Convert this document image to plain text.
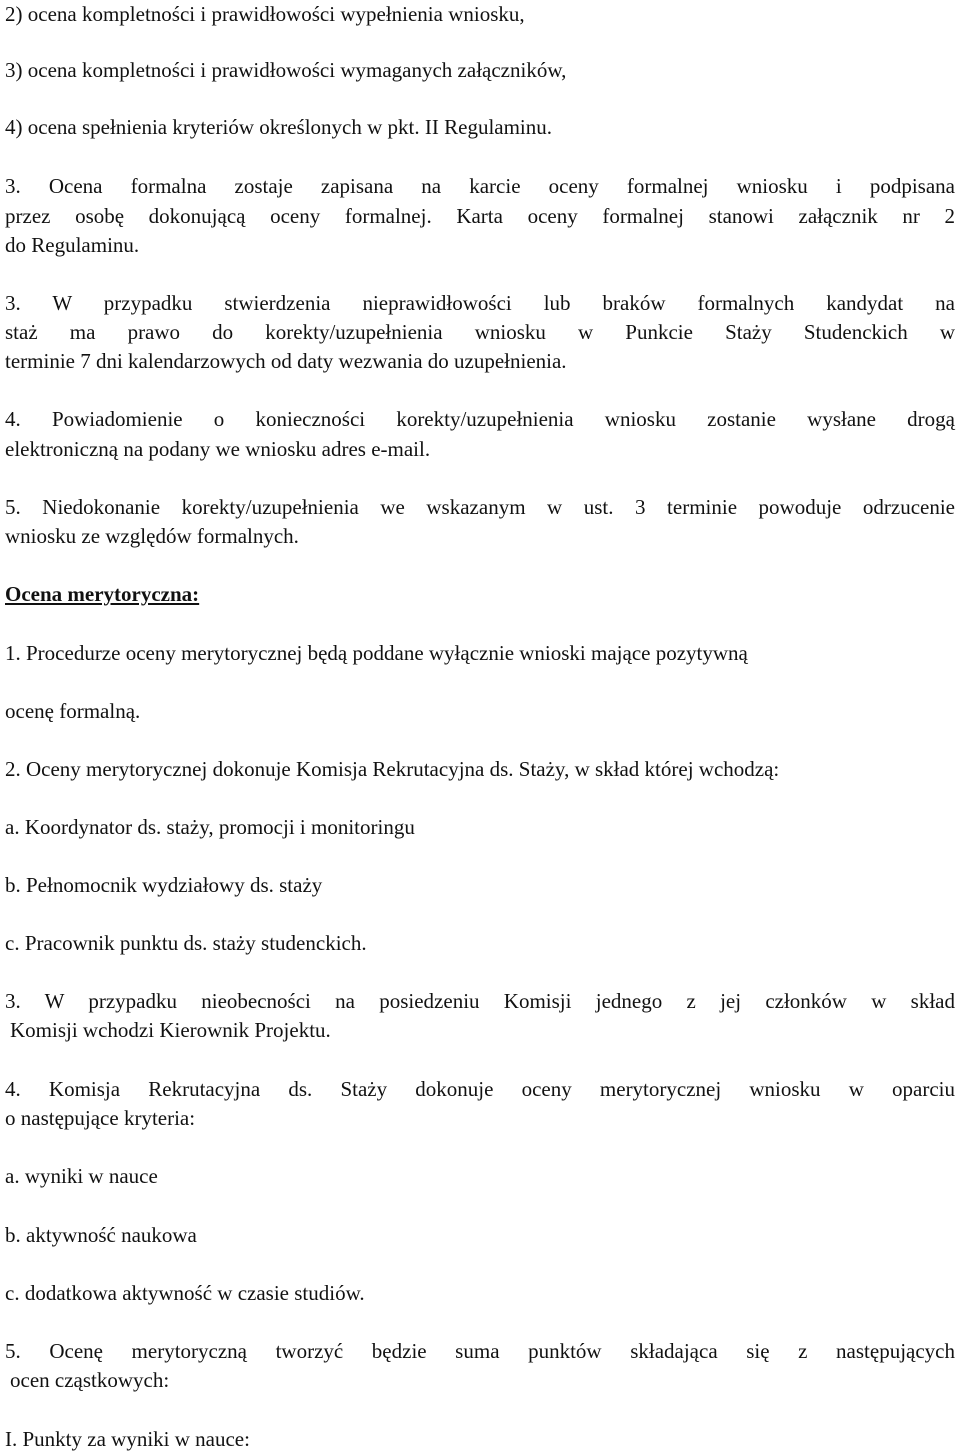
2) ocena kompletności i prawidłowości wypełnienia wniosku,
3) ocena kompletności i prawidłowości wymaganych załączników,
4) ocena spełnienia kryteriów określonych w pkt. II Regulaminu.
3. Ocena formalna zostaje zapisana na karcie oceny formalnej wniosku i podpisana
przez osobę dokonującą oceny formalnej. Karta oceny formalnej stanowi załącznik nr 2
do Regulaminu.
3. W przypadku stwierdzenia nieprawidłowości lub braków formalnych kandydat na
staż ma prawo do korekty/uzupełnienia wniosku w Punkcie Staży Studenckich w
terminie 7 dni kalendarzowych od daty wezwania do uzupełnienia.
4. Powiadomienie o konieczności korekty/uzupełnienia wniosku zostanie wysłane drogą
elektroniczną na podany we wniosku adres e-mail.
5. Niedokonanie korekty/uzupełnienia we wskazanym w ust. 3 terminie powoduje odrzucenie
wniosku ze względów formalnych.
Ocena merytoryczna:
1. Procedurze oceny merytorycznej będą poddane wyłącznie wnioski mające pozytywną
ocenę formalną.
2. Oceny merytorycznej dokonuje Komisja Rekrutacyjna ds. Staży, w skład której wchodzą:
a. Koordynator ds. staży, promocji i monitoringu
b. Pełnomocnik wydziałowy ds. staży
c. Pracownik punktu ds. staży studenckich.
3. W przypadku nieobecności na posiedzeniu Komisji jednego z jej członków w skład
Komisji wchodzi Kierownik Projektu.
4. Komisja Rekrutacyjna ds. Staży dokonuje oceny merytorycznej wniosku w oparciu
o następujące kryteria:
a. wyniki w nauce
b. aktywność naukowa
c. dodatkowa aktywność w czasie studiów.
5. Ocenę merytoryczną tworzyć będzie suma punktów składająca się z następujących
ocen cząstkowych:
I. Punkty za wyniki w nauce:
